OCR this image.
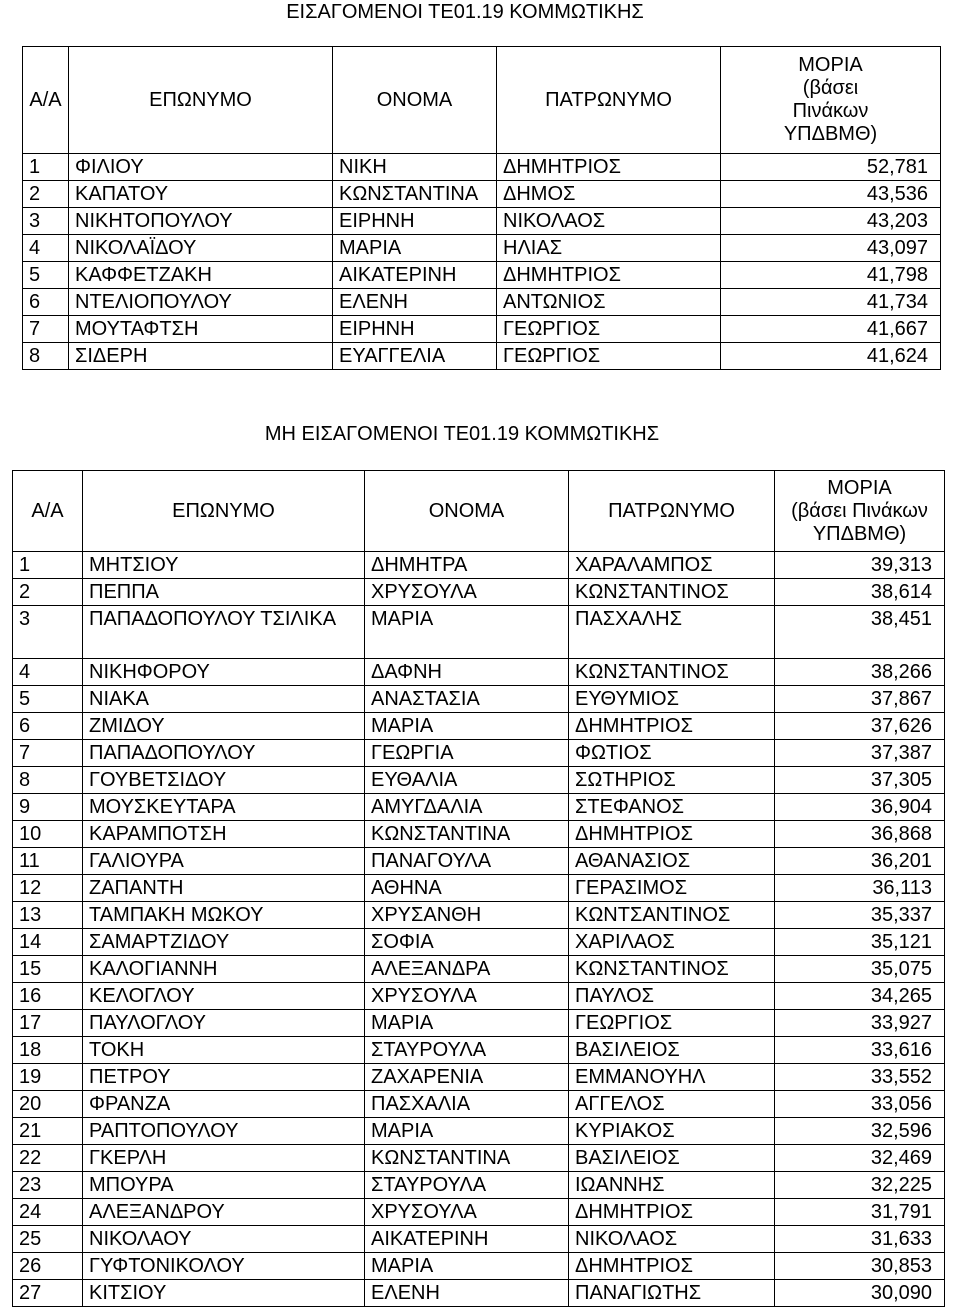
ΕΙΣΑΓΟΜΕΝΟΙ ΤΕ01.19 ΚΟΜΜΩΤΙΚΗΣ
Α/Α	ΕΠΩΝΥΜΟ	ΟΝΟΜΑ	ΠΑΤΡΩΝΥΜΟ	ΜΟΡΙΑ
(βάσει
Πινάκων
ΥΠΔΒΜΘ)

1	ΦΙΛΙΟΥ	ΝΙΚΗ	ΔΗΜΗΤΡΙΟΣ	52,781
2	ΚΑΠΑΤΟΥ	ΚΩΝΣΤΑΝΤΙΝΑ	ΔΗΜΟΣ	43,536
3	ΝΙΚΗΤΟΠΟΥΛΟΥ	ΕΙΡΗΝΗ	ΝΙΚΟΛΑΟΣ	43,203
4	ΝΙΚΟΛΑΪΔΟΥ	ΜΑΡΙΑ	ΗΛΙΑΣ	43,097
5	ΚΑΦΦΕΤΖΑΚΗ	ΑΙΚΑΤΕΡΙΝΗ	ΔΗΜΗΤΡΙΟΣ	41,798
6	ΝΤΕΛΙΟΠΟΥΛΟΥ	ΕΛΕΝΗ	ΑΝΤΩΝΙΟΣ	41,734
7	ΜΟΥΤΑΦΤΣΗ	ΕΙΡΗΝΗ	ΓΕΩΡΓΙΟΣ	41,667
8	ΣΙΔΕΡΗ	ΕΥΑΓΓΕΛΙΑ	ΓΕΩΡΓΙΟΣ	41,624
ΜΗ ΕΙΣΑΓΟΜΕΝΟΙ ΤΕ01.19 ΚΟΜΜΩΤΙΚΗΣ
Α/Α	ΕΠΩΝΥΜΟ	ΟΝΟΜΑ	ΠΑΤΡΩΝΥΜΟ	ΜΟΡΙΑ
(βάσει Πινάκων
ΥΠΔΒΜΘ)

1	ΜΗΤΣΙΟΥ	ΔΗΜΗΤΡΑ	ΧΑΡΑΛΑΜΠΟΣ	39,313
2	ΠΕΠΠΑ	ΧΡΥΣΟΥΛΑ	ΚΩΝΣΤΑΝΤΙΝΟΣ	38,614
3	ΠΑΠΑΔΟΠΟΥΛΟΥ ΤΣΙΛΙΚΑ	ΜΑΡΙΑ	ΠΑΣΧΑΛΗΣ	38,451
4	ΝΙΚΗΦΟΡΟΥ	ΔΑΦΝΗ	ΚΩΝΣΤΑΝΤΙΝΟΣ	38,266
5	ΝΙΑΚΑ	ΑΝΑΣΤΑΣΙΑ	ΕΥΘΥΜΙΟΣ	37,867
6	ΖΜΙΔΟΥ	ΜΑΡΙΑ	ΔΗΜΗΤΡΙΟΣ	37,626
7	ΠΑΠΑΔΟΠΟΥΛΟΥ	ΓΕΩΡΓΙΑ	ΦΩΤΙΟΣ	37,387
8	ΓΟΥΒΕΤΣΙΔΟΥ	ΕΥΘΑΛΙΑ	ΣΩΤΗΡΙΟΣ	37,305
9	ΜΟΥΣΚΕΥΤΑΡΑ	ΑΜΥΓΔΑΛΙΑ	ΣΤΕΦΑΝΟΣ	36,904
10	ΚΑΡΑΜΠΟΤΣΗ	ΚΩΝΣΤΑΝΤΙΝΑ	ΔΗΜΗΤΡΙΟΣ	36,868
11	ΓΑΛΙΟΥΡΑ	ΠΑΝΑΓΟΥΛΑ	ΑΘΑΝΑΣΙΟΣ	36,201
12	ΖΑΠΑΝΤΗ	ΑΘΗΝΑ	ΓΕΡΑΣΙΜΟΣ	36,113
13	ΤΑΜΠΑΚΗ ΜΩΚΟΥ	ΧΡΥΣΑΝΘΗ	ΚΩΝΤΣΑΝΤΙΝΟΣ	35,337
14	ΣΑΜΑΡΤΖΙΔΟΥ	ΣΟΦΙΑ	ΧΑΡΙΛΑΟΣ	35,121
15	ΚΑΛΟΓΙΑΝΝΗ	ΑΛΕΞΑΝΔΡΑ	ΚΩΝΣΤΑΝΤΙΝΟΣ	35,075
16	ΚΕΛΟΓΛΟΥ	ΧΡΥΣΟΥΛΑ	ΠΑΥΛΟΣ	34,265
17	ΠΑΥΛΟΓΛΟΥ	ΜΑΡΙΑ	ΓΕΩΡΓΙΟΣ	33,927
18	ΤΟΚΗ	ΣΤΑΥΡΟΥΛΑ	ΒΑΣΙΛΕΙΟΣ	33,616
19	ΠΕΤΡΟΥ	ΖΑΧΑΡΕΝΙΑ	ΕΜΜΑΝΟΥΗΛ	33,552
20	ΦΡΑΝΖΑ	ΠΑΣΧΑΛΙΑ	ΑΓΓΕΛΟΣ	33,056
21	ΡΑΠΤΟΠΟΥΛΟΥ	ΜΑΡΙΑ	ΚΥΡΙΑΚΟΣ	32,596
22	ΓΚΕΡΛΗ	ΚΩΝΣΤΑΝΤΙΝΑ	ΒΑΣΙΛΕΙΟΣ	32,469
23	ΜΠΟΥΡΑ	ΣΤΑΥΡΟΥΛΑ	ΙΩΑΝΝΗΣ	32,225
24	ΑΛΕΞΑΝΔΡΟΥ	ΧΡΥΣΟΥΛΑ	ΔΗΜΗΤΡΙΟΣ	31,791
25	ΝΙΚΟΛΑΟΥ	ΑΙΚΑΤΕΡΙΝΗ	ΝΙΚΟΛΑΟΣ	31,633
26	ΓΥΦΤΟΝΙΚΟΛΟΥ	ΜΑΡΙΑ	ΔΗΜΗΤΡΙΟΣ	30,853
27	ΚΙΤΣΙΟΥ	ΕΛΕΝΗ	ΠΑΝΑΓΙΩΤΗΣ	30,090
